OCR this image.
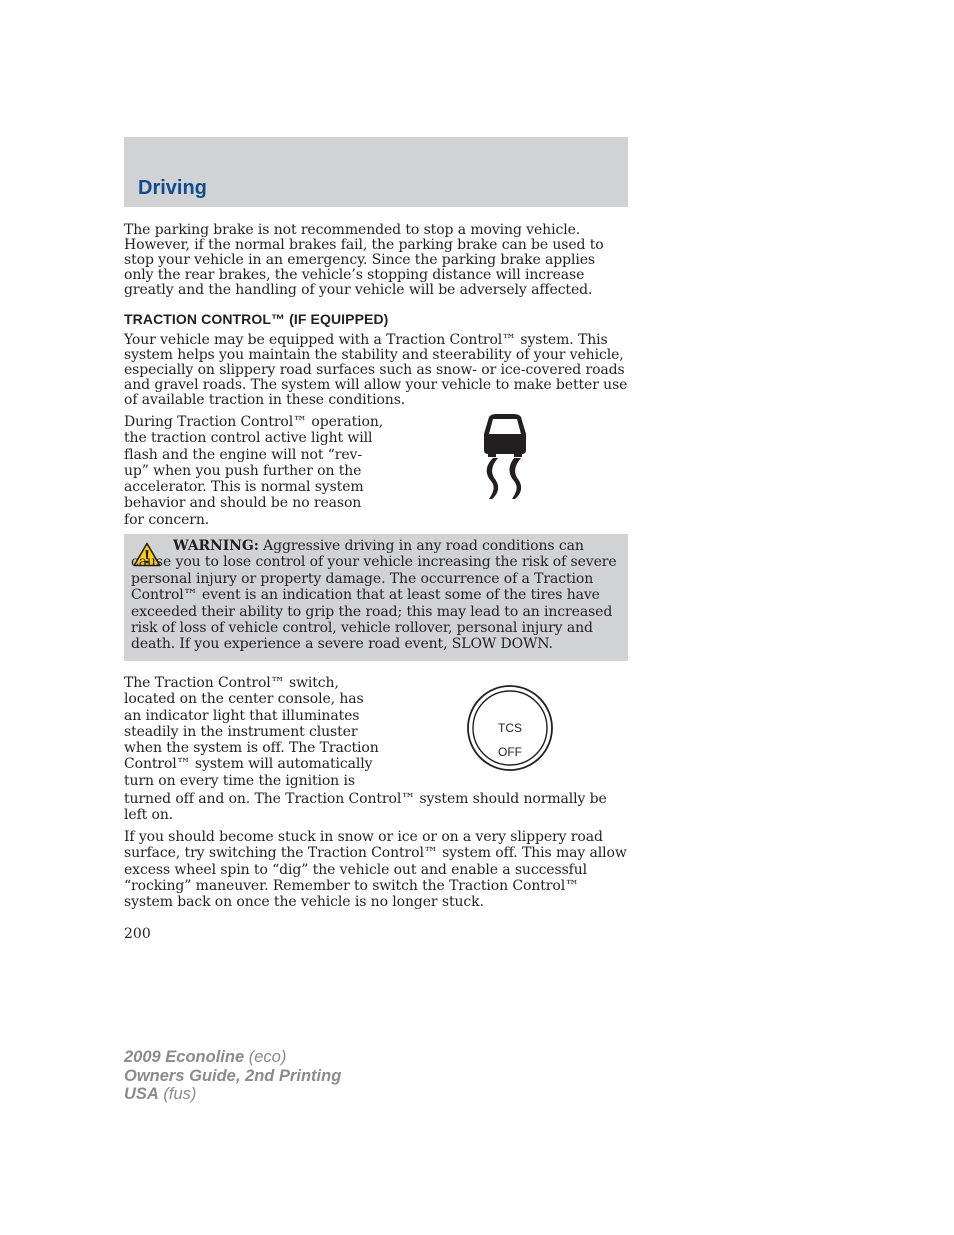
Driving

The parking brake is not recommended to stop a moving vehicle. However, if the normal brakes fail, the parking brake can be used to stop your vehicle in an emergency. Since the parking brake applies only the rear brakes, the vehicle’s stopping distance will increase greatly and the handling of your vehicle will be adversely affected.

TRACTION CONTROL™ (IF EQUIPPED)

Your vehicle may be equipped with a Traction Control™ system. This system helps you maintain the stability and steerability of your vehicle, especially on slippery road surfaces such as snow- or ice-covered roads and gravel roads. The system will allow your vehicle to make better use of available traction in these conditions.

During Traction Control™ operation, the traction control active light will flash and the engine will not “rev-up” when you push further on the accelerator. This is normal system behavior and should be no reason for concern.

WARNING: Aggressive driving in any road conditions can cause you to lose control of your vehicle increasing the risk of severe personal injury or property damage. The occurrence of a Traction Control™ event is an indication that at least some of the tires have exceeded their ability to grip the road; this may lead to an increased risk of loss of vehicle control, vehicle rollover, personal injury and death. If you experience a severe road event, SLOW DOWN.

The Traction Control™ switch, located on the center console, has an indicator light that illuminates steadily in the instrument cluster when the system is off. The Traction Control™ system will automatically turn on every time the ignition is

TCS
OFF

turned off and on. The Traction Control™ system should normally be left on.

If you should become stuck in snow or ice or on a very slippery road surface, try switching the Traction Control™ system off. This may allow excess wheel spin to “dig” the vehicle out and enable a successful “rocking” maneuver. Remember to switch the Traction Control™ system back on once the vehicle is no longer stuck.

200

2009 Econoline (eco)
Owners Guide, 2nd Printing
USA (fus)
